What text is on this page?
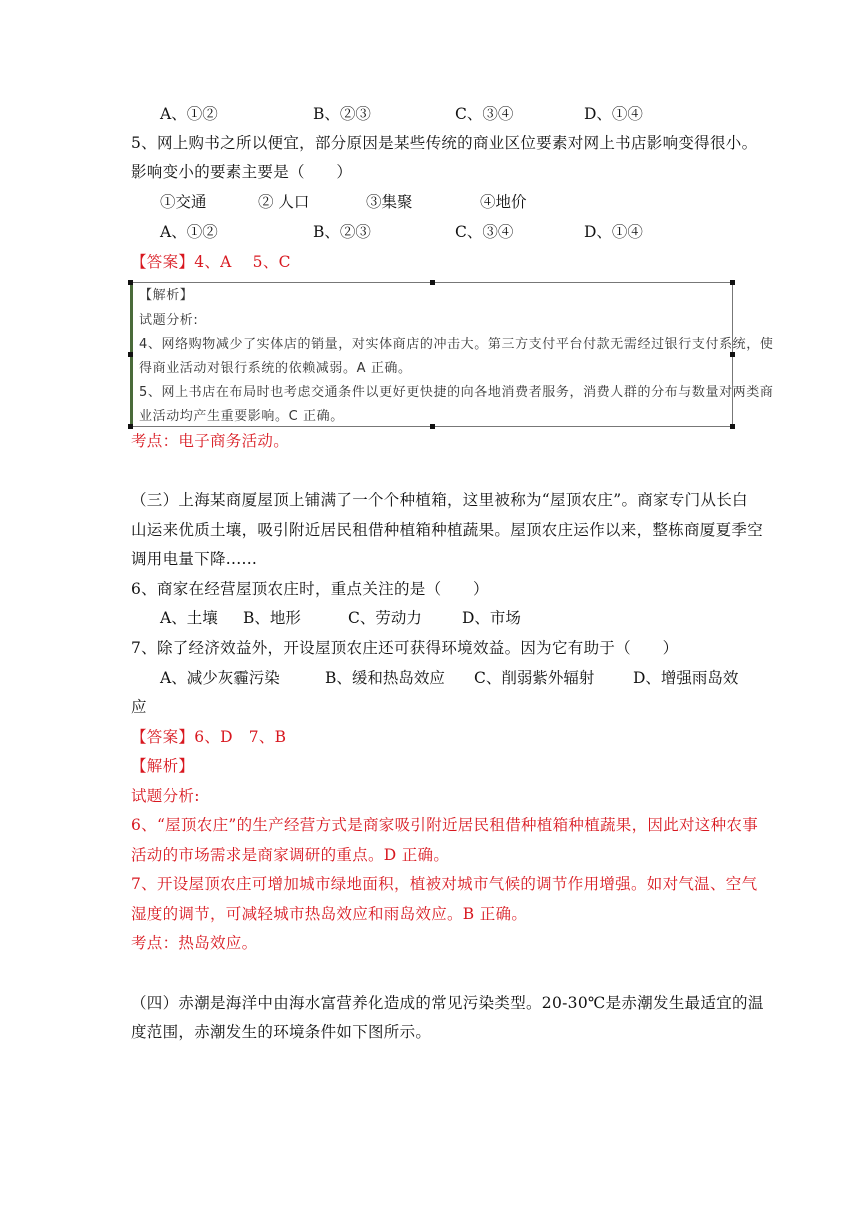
A、①②	B、②③	C、③④	D、①④
5、网上购书之所以便宜，部分原因是某些传统的商业区位要素对网上书店影响变得很小。
影响变小的要素主要是（　　）
①交通	② 人口	③集聚	④地价
A、①②	B、②③	C、③④	D、①④
【答案】4、A　 5、C
【解析】
试题分析:
4、网络购物减少了实体店的销量，对实体商店的冲击大。第三方支付平台付款无需经过银行支付系统，使
得商业活动对银行系统的依赖减弱。A 正确。
5、网上书店在布局时也考虑交通条件以更好更快捷的向各地消费者服务，消费人群的分布与数量对两类商
业活动均产生重要影响。C 正确。
考点：电子商务活动。
（三）上海某商厦屋顶上铺满了一个个种植箱，这里被称为“屋顶农庄”。商家专门从长白
山运来优质土壤，吸引附近居民租借种植箱种植蔬果。屋顶农庄运作以来，整栋商厦夏季空
调用电量下降......
6、商家在经营屋顶农庄时，重点关注的是（　　）
A、土壤 B、地形	C、劳动力	D、市场
7、除了经济效益外，开设屋顶农庄还可获得环境效益。因为它有助于（　　）
A、减少灰霾污染	B、缓和热岛效应 C、削弱紫外辐射 D、增强雨岛效
应
【答案】6、D　7、B
【解析】
试题分析:
6、“屋顶农庄”的生产经营方式是商家吸引附近居民租借种植箱种植蔬果，因此对这种农事
活动的市场需求是商家调研的重点。D 正确。
7、开设屋顶农庄可增加城市绿地面积，植被对城市气候的调节作用增强。如对气温、空气
湿度的调节，可减轻城市热岛效应和雨岛效应。B 正确。
考点：热岛效应。
（四）赤潮是海洋中由海水富营养化造成的常见污染类型。20-30℃是赤潮发生最适宜的温
度范围，赤潮发生的环境条件如下图所示。
